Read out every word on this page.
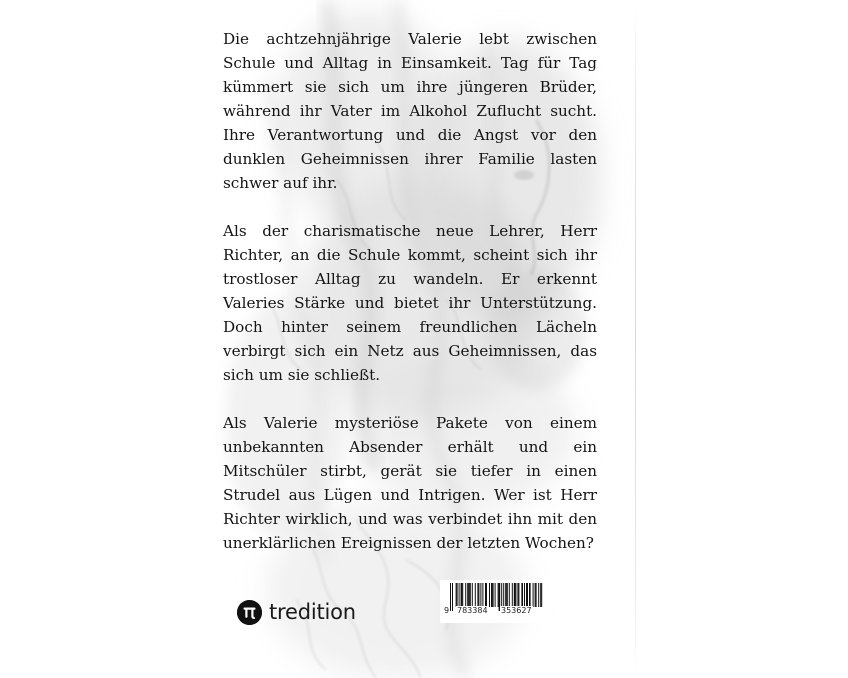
Die achtzehnjährige Valerie lebt zwischen Schule und Alltag in Einsamkeit. Tag für Tag kümmert sie sich um ihre jüngeren Brüder, während ihr Vater im Alkohol Zuflucht sucht. Ihre Verantwortung und die Angst vor den dunklen Geheimnissen ihrer Familie lasten schwer auf ihr.

Als der charismatische neue Lehrer, Herr Richter, an die Schule kommt, scheint sich ihr trostloser Alltag zu wandeln. Er erkennt Valeries Stärke und bietet ihr Unterstützung. Doch hinter seinem freundlichen Lächeln verbirgt sich ein Netz aus Geheimnissen, das sich um sie schließt.

Als Valerie mysteriöse Pakete von einem unbekannten Absender erhält und ein Mitschüler stirbt, gerät sie tiefer in einen Strudel aus Lügen und Intrigen. Wer ist Herr Richter wirklich, und was verbindet ihn mit den unerklärlichen Ereignissen der letzten Wochen?

tredition	9 783384 353627
